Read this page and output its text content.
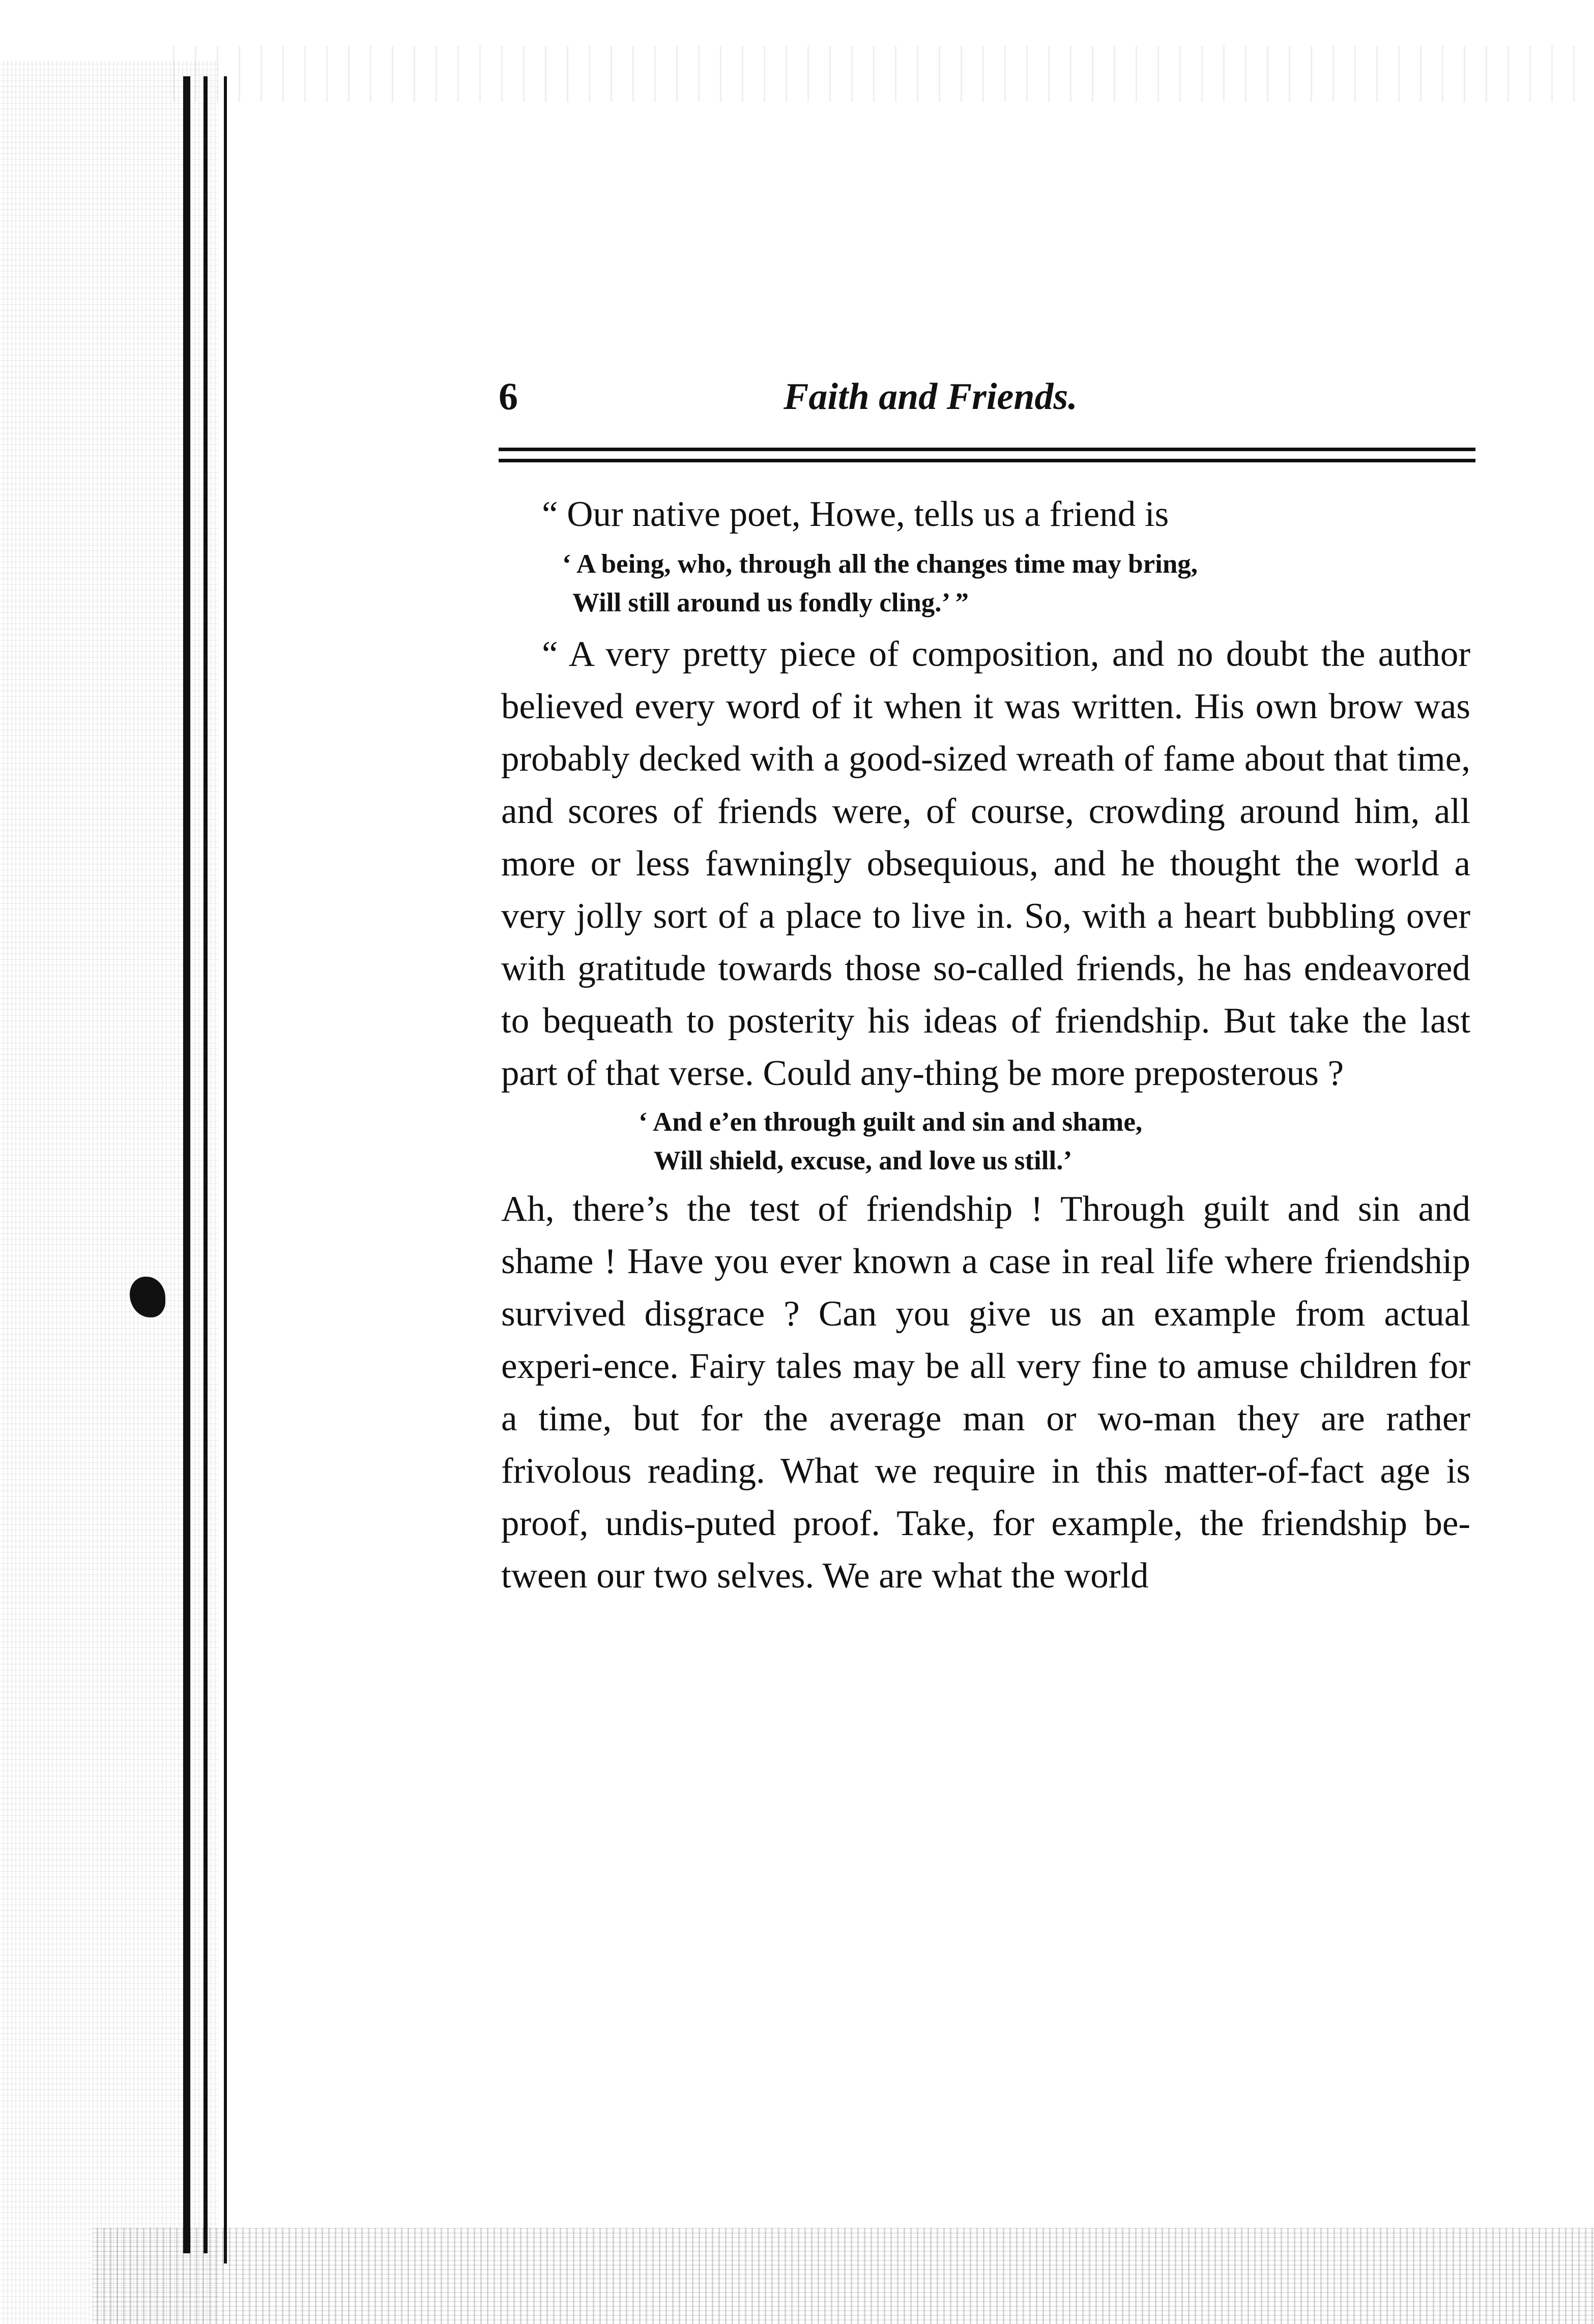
6	Faith and Friends.

“ Our native poet, Howe, tells us a friend is

‘ A being, who, through all the changes time may bring,
Will still around us fondly cling.’ ”

“ A very pretty piece of composition, and no doubt the author believed every word of it when it was written. His own brow was probably decked with a good-sized wreath of fame about that time, and scores of friends were, of course, crowding around him, all more or less fawningly obsequious, and he thought the world a very jolly sort of a place to live in. So, with a heart bubbling over with gratitude towards those so-called friends, he has endeavored to bequeath to posterity his ideas of friendship. But take the last part of that verse. Could any-thing be more preposterous ?

‘ And e’en through guilt and sin and shame,
Will shield, excuse, and love us still.’

Ah, there’s the test of friendship ! Through guilt and sin and shame ! Have you ever known a case in real life where friendship survived disgrace ? Can you give us an example from actual experi-ence. Fairy tales may be all very fine to amuse children for a time, but for the average man or wo-man they are rather frivolous reading. What we require in this matter-of-fact age is proof, undis-puted proof. Take, for example, the friendship be-tween our two selves. We are what the world
